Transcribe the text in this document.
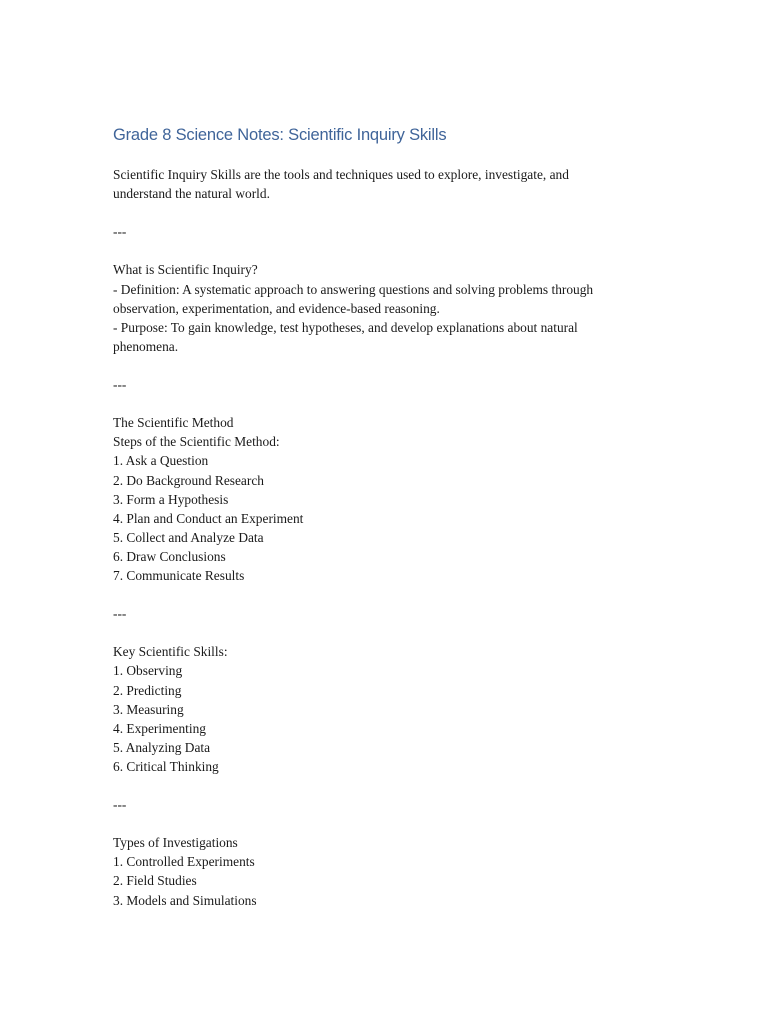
Grade 8 Science Notes: Scientific Inquiry Skills
Scientific Inquiry Skills are the tools and techniques used to explore, investigate, and
understand the natural world.
---
What is Scientific Inquiry?
- Definition: A systematic approach to answering questions and solving problems through
observation, experimentation, and evidence-based reasoning.
- Purpose: To gain knowledge, test hypotheses, and develop explanations about natural
phenomena.
---
The Scientific Method
Steps of the Scientific Method:
1. Ask a Question
2. Do Background Research
3. Form a Hypothesis
4. Plan and Conduct an Experiment
5. Collect and Analyze Data
6. Draw Conclusions
7. Communicate Results
---
Key Scientific Skills:
1. Observing
2. Predicting
3. Measuring
4. Experimenting
5. Analyzing Data
6. Critical Thinking
---
Types of Investigations
1. Controlled Experiments
2. Field Studies
3. Models and Simulations
